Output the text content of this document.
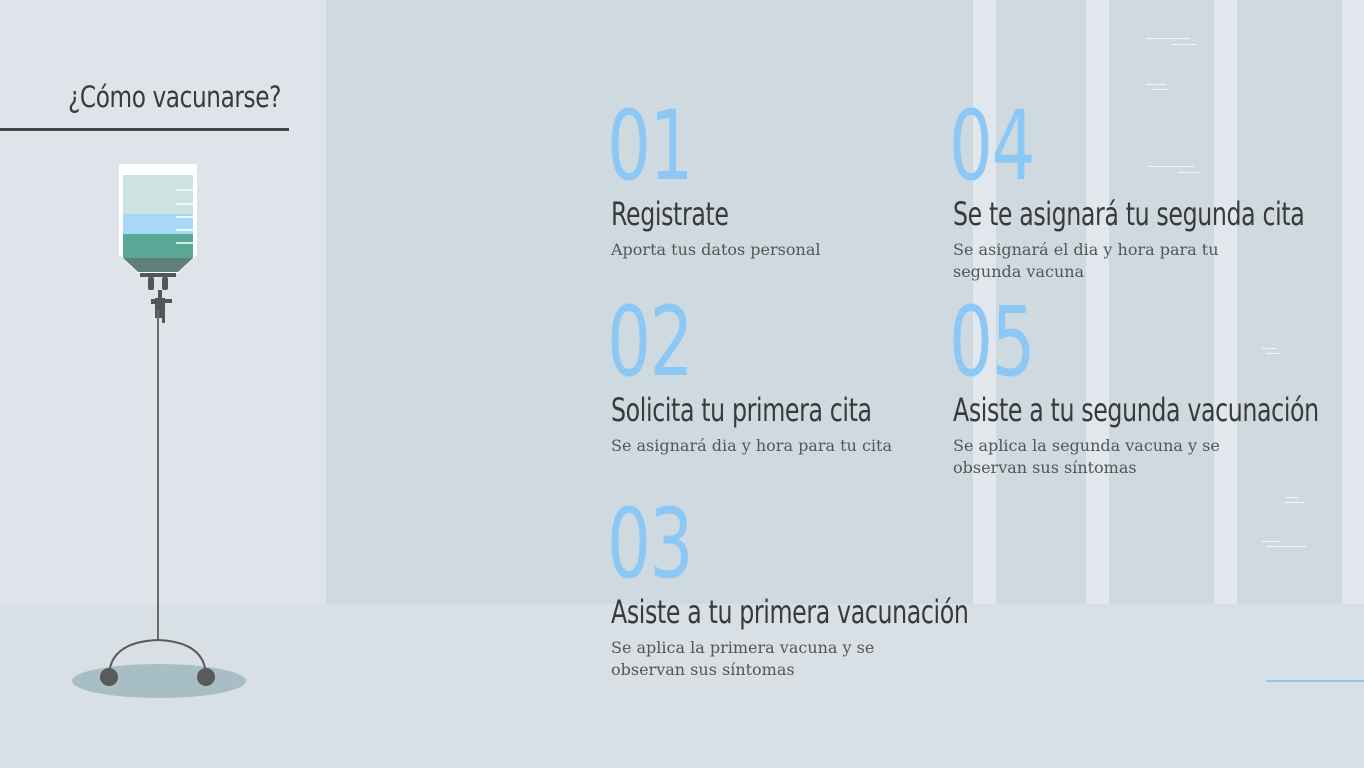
¿Cómo vacunarse?	01
Registrate
Aporta tus datos personal
02
Solicita tu primera cita
Se asignará dia y hora para tu cita
03
Asiste a tu primera vacunación
Se aplica la primera vacuna y se observan sus síntomas
04
Se te asignará tu segunda cita
Se asignará el dia y hora para tu segunda vacuna
05
Asiste a tu segunda vacunación
Se aplica la segunda vacuna y se observan sus síntomas
